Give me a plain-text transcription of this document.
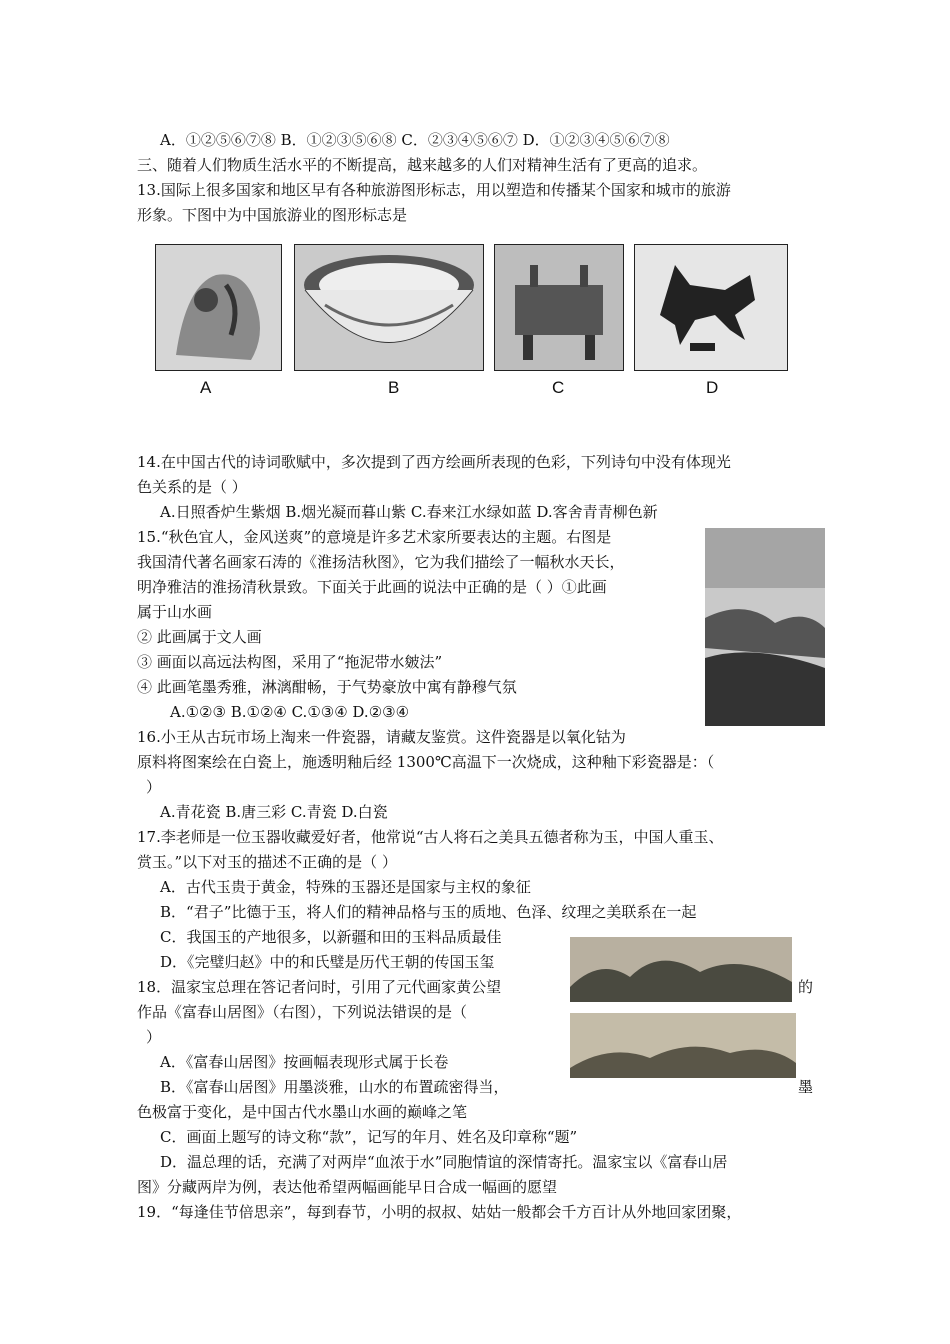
A	B	C	D
A．①②⑤⑥⑦⑧ B．①②③⑤⑥⑧ C．②③④⑤⑥⑦ D．①②③④⑤⑥⑦⑧
三、随着人们物质生活水平的不断提高，越来越多的人们对精神生活有了更高的追求。
13.国际上很多国家和地区早有各种旅游图形标志，用以塑造和传播某个国家和城市的旅游
形象。下图中为中国旅游业的图形标志是
14.在中国古代的诗词歌赋中，多次提到了西方绘画所表现的色彩，下列诗句中没有体现光
色关系的是（ ）
A.日照香炉生紫烟 B.烟光凝而暮山紫 C.春来江水绿如蓝 D.客舍青青柳色新
15.“秋色宜人，金风送爽”的意境是许多艺术家所要表达的主题。右图是
我国清代著名画家石涛的《淮扬洁秋图》，它为我们描绘了一幅秋水天长，
明净雅洁的淮扬清秋景致。下面关于此画的说法中正确的是（ ）①此画
属于山水画
② 此画属于文人画
③ 画面以高远法构图，采用了“拖泥带水皴法”
④ 此画笔墨秀雅，淋漓酣畅，于气势豪放中寓有静穆气氛
A.①②③ B.①②④ C.①③④ D.②③④
16.小王从古玩市场上淘来一件瓷器，请藏友鉴赏。这件瓷器是以氧化钴为
原料将图案绘在白瓷上，施透明釉后经 1300℃高温下一次烧成，这种釉下彩瓷器是：（
）
A.青花瓷 B.唐三彩 C.青瓷 D.白瓷
17.李老师是一位玉器收藏爱好者，他常说“古人将石之美具五德者称为玉，中国人重玉、
赏玉。”以下对玉的描述不正确的是（ ）
A．古代玉贵于黄金，特殊的玉器还是国家与主权的象征
B．“君子”比德于玉，将人们的精神品格与玉的质地、色泽、纹理之美联系在一起
C．我国玉的产地很多，以新疆和田的玉料品质最佳
D．《完璧归赵》中的和氏璧是历代王朝的传国玉玺
18．温家宝总理在答记者问时，引用了元代画家黄公望	的
作品《富春山居图》（右图），下列说法错误的是（
）
A．《富春山居图》按画幅表现形式属于长卷
B．《富春山居图》用墨淡雅，山水的布置疏密得当，	墨
色极富于变化，是中国古代水墨山水画的巅峰之笔
C．画面上题写的诗文称“款”，记写的年月、姓名及印章称“题”
D．温总理的话，充满了对两岸“血浓于水”同胞情谊的深情寄托。温家宝以《富春山居
图》分藏两岸为例，表达他希望两幅画能早日合成一幅画的愿望
19．“每逢佳节倍思亲”，每到春节，小明的叔叔、姑姑一般都会千方百计从外地回家团聚，
